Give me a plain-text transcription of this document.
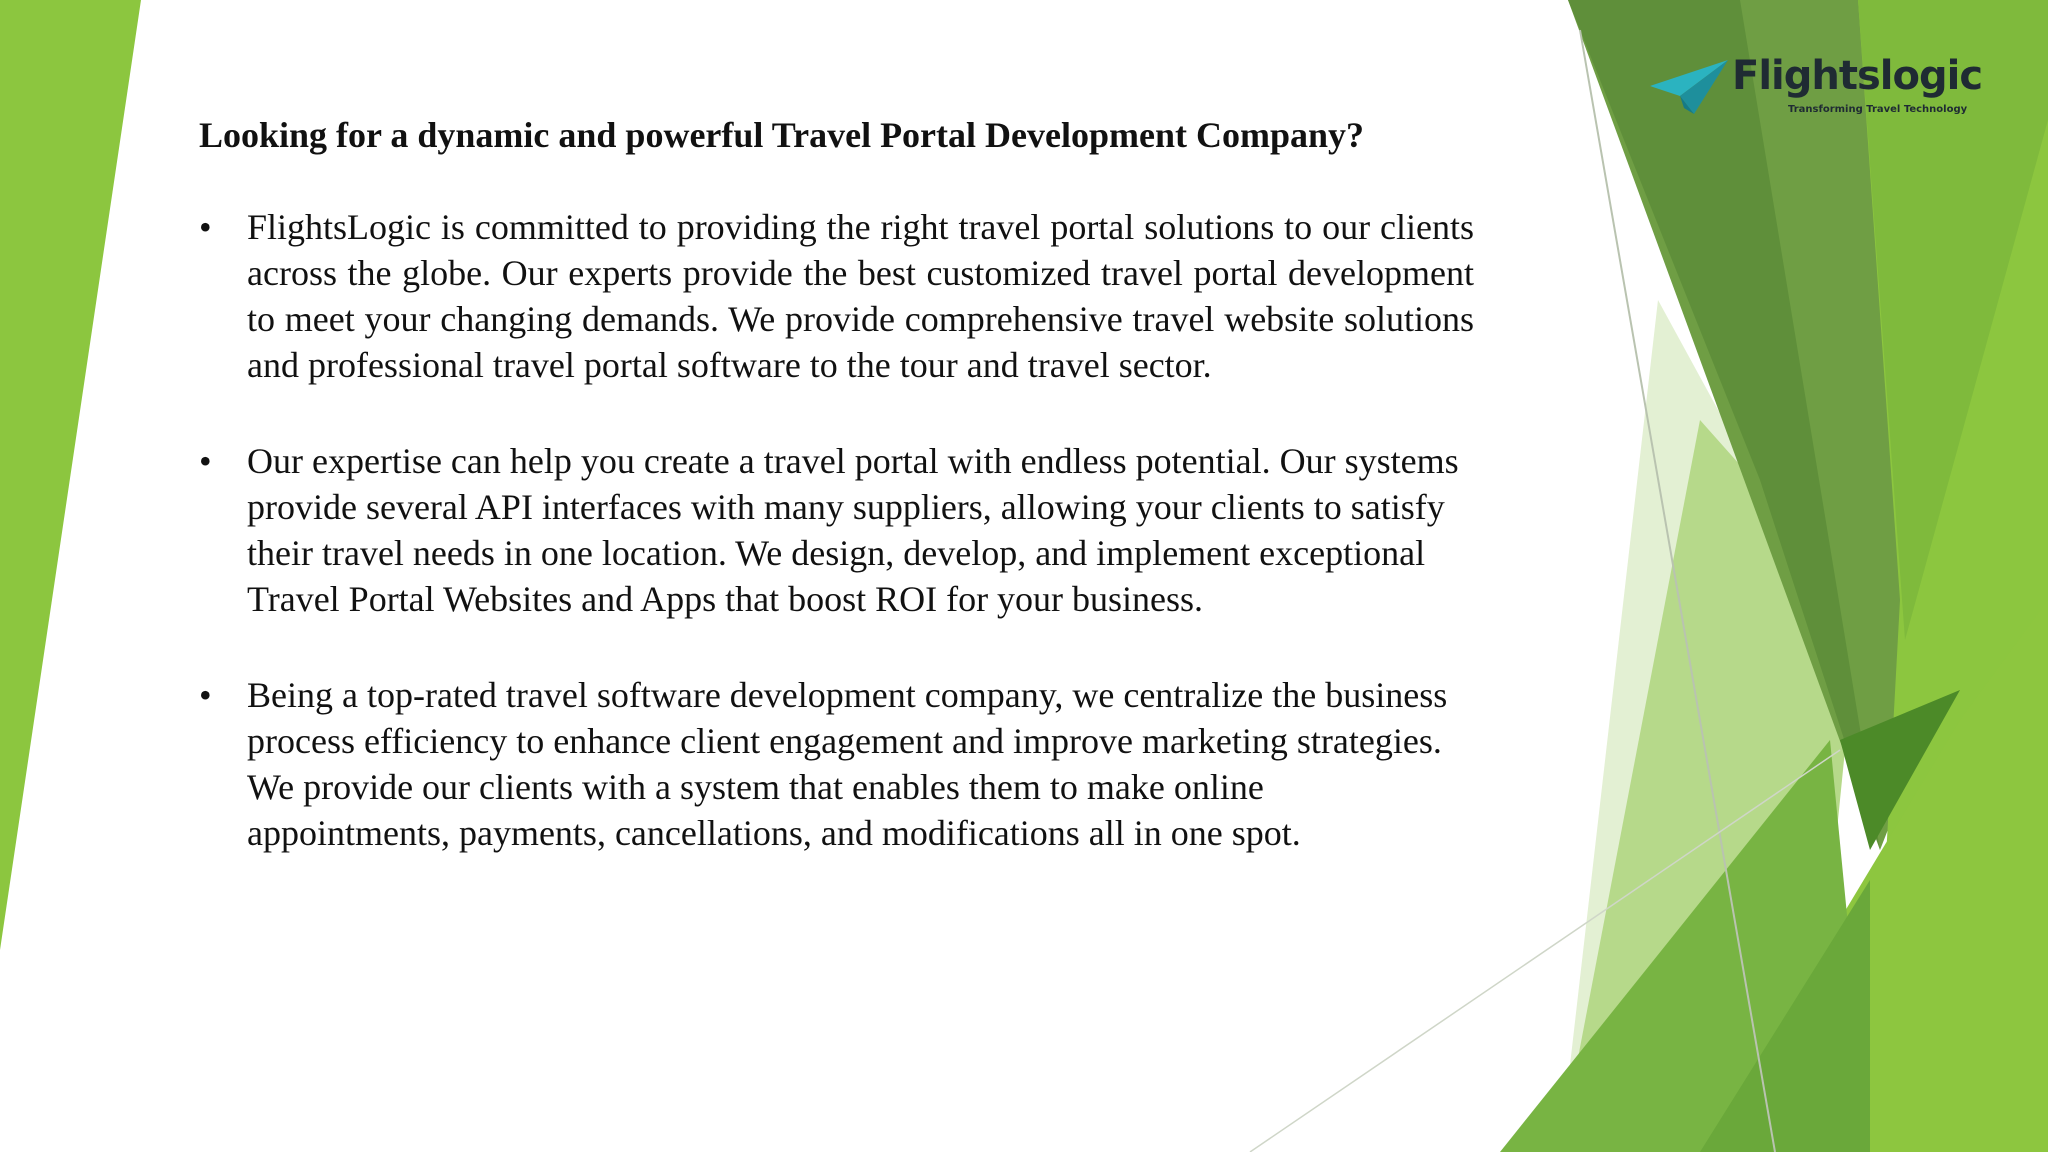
Flightslogic
Transforming Travel Technology
Looking for a dynamic and powerful Travel Portal Development Company?
• FlightsLogic is committed to providing the right travel portal solutions to our clients across the globe. Our experts provide the best customized travel portal development to meet your changing demands. We provide comprehensive travel website solutions and professional travel portal software to the tour and travel sector.
• Our expertise can help you create a travel portal with endless potential. Our systems provide several API interfaces with many suppliers, allowing your clients to satisfy their travel needs in one location. We design, develop, and implement exceptional Travel Portal Websites and Apps that boost ROI for your business.
• Being a top-rated travel software development company, we centralize the business process efficiency to enhance client engagement and improve marketing strategies. We provide our clients with a system that enables them to make online appointments, payments, cancellations, and modifications all in one spot.
